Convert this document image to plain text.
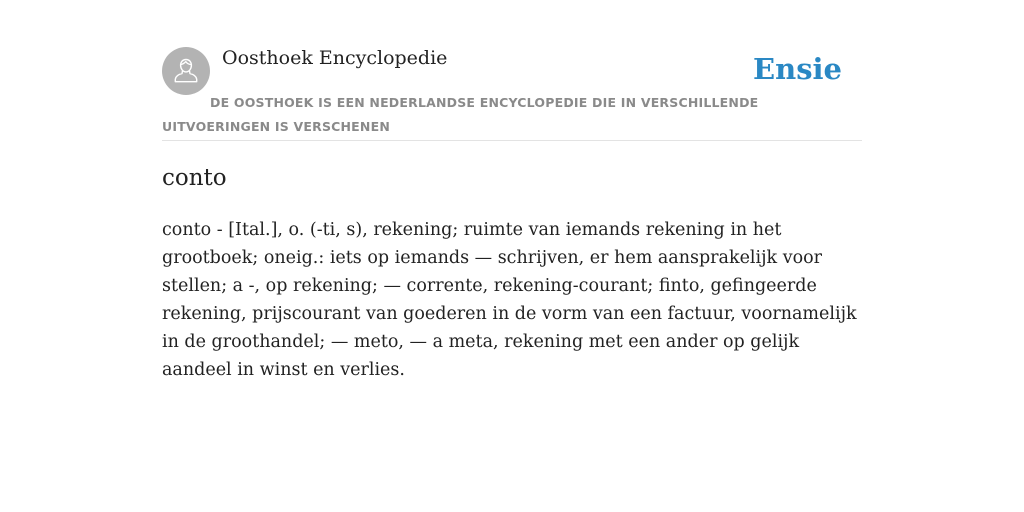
Oosthoek Encyclopedie	Ensie
DE OOSTHOEK IS EEN NEDERLANDSE ENCYCLOPEDIE DIE IN VERSCHILLENDE UITVOERINGEN IS VERSCHENEN
conto

conto - [Ital.], o. (-ti, s), rekening; ruimte van iemands rekening in het grootboek; oneig.: iets op iemands — schrijven, er hem aansprakelijk voor stellen; a -, op rekening; — corrente, rekening-courant; finto, gefingeerde rekening, prijscourant van goederen in de vorm van een factuur, voornamelijk in de groothandel; — meto, — a meta, rekening met een ander op gelijk aandeel in winst en verlies.
